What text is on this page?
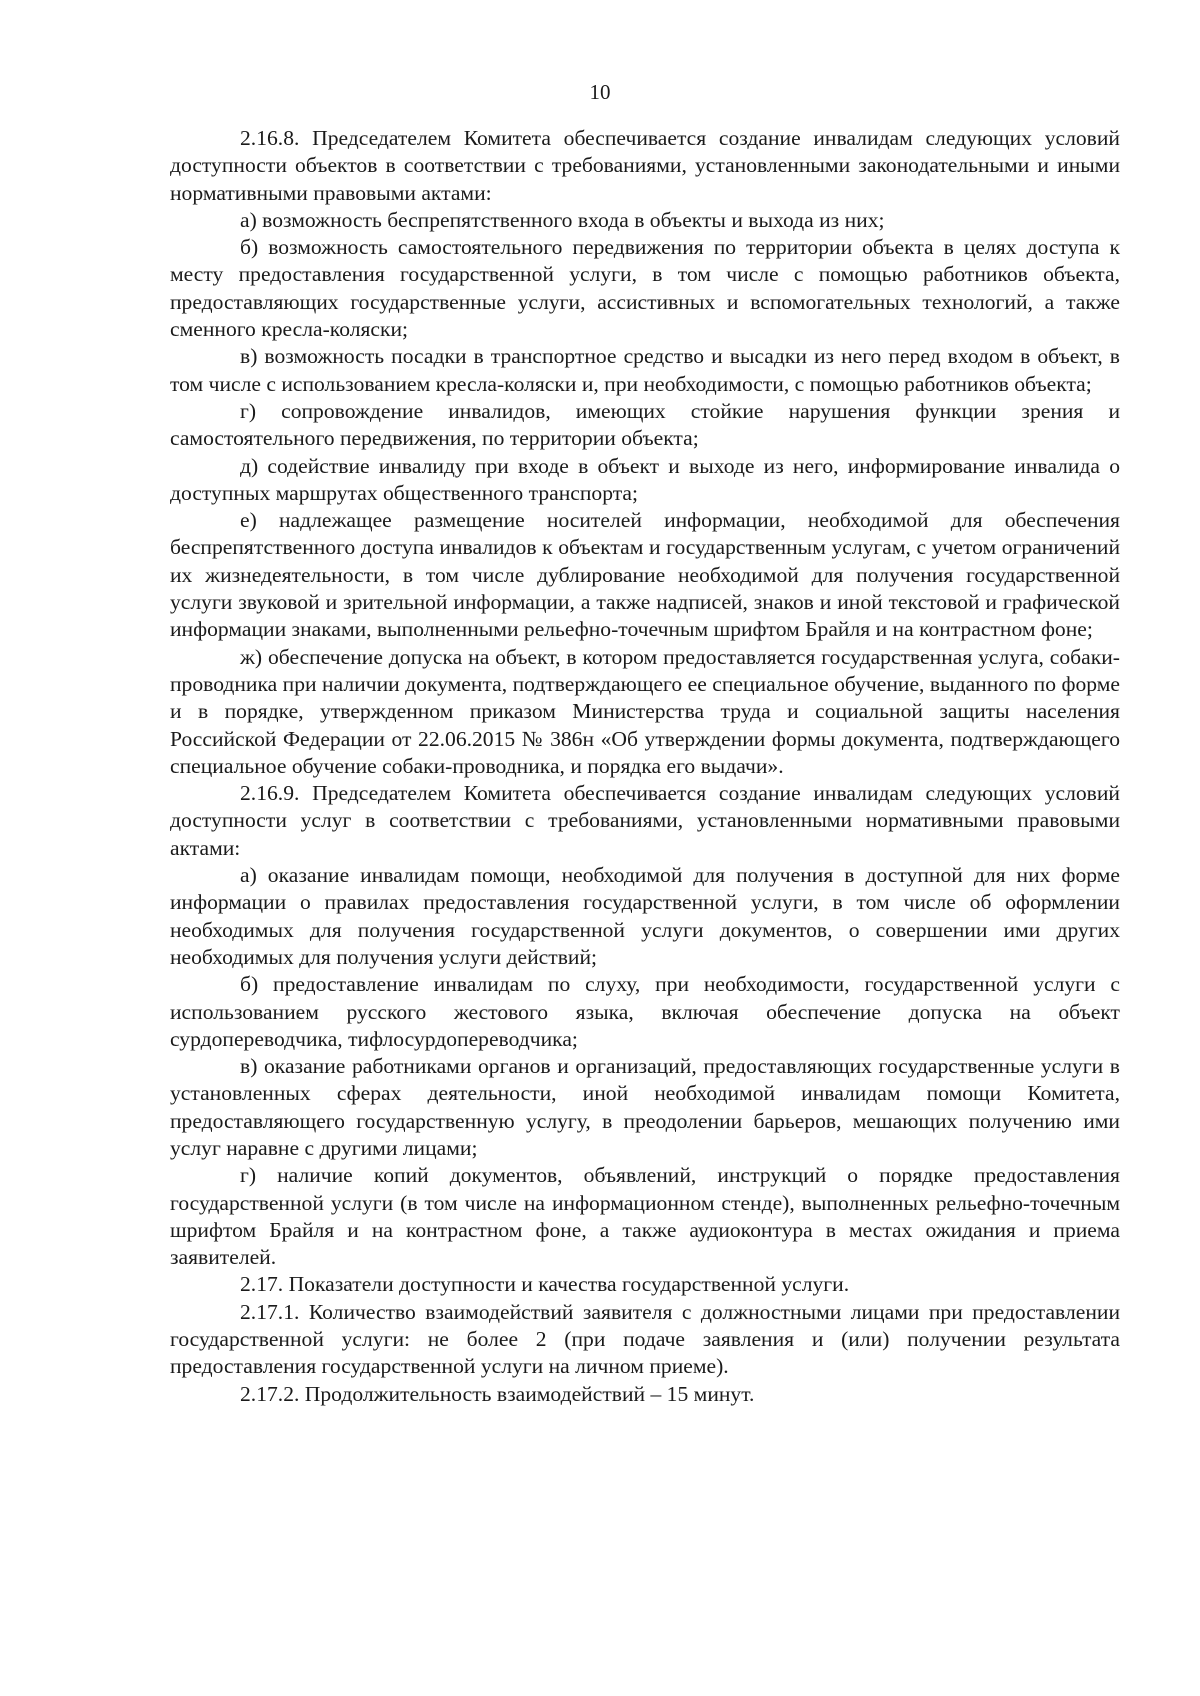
10

2.16.8. Председателем Комитета обеспечивается создание инвалидам следующих условий доступности объектов в соответствии с требованиями, установленными законодательными и иными нормативными правовыми актами:

а) возможность беспрепятственного входа в объекты и выхода из них;

б) возможность самостоятельного передвижения по территории объекта в целях доступа к месту предоставления государственной услуги, в том числе с помощью работников объекта, предоставляющих государственные услуги, ассистивных и вспомогательных технологий, а также сменного кресла-коляски;

в) возможность посадки в транспортное средство и высадки из него перед входом в объект, в том числе с использованием кресла-коляски и, при необходимости, с помощью работников объекта;

г) сопровождение инвалидов, имеющих стойкие нарушения функции зрения и самостоятельного передвижения, по территории объекта;

д) содействие инвалиду при входе в объект и выходе из него, информирование инвалида о доступных маршрутах общественного транспорта;

е) надлежащее размещение носителей информации, необходимой для обеспечения беспрепятственного доступа инвалидов к объектам и государственным услугам, с учетом ограничений их жизнедеятельности, в том числе дублирование необходимой для получения государственной услуги звуковой и зрительной информации, а также надписей, знаков и иной текстовой и графической информации знаками, выполненными рельефно-точечным шрифтом Брайля и на контрастном фоне;

ж) обеспечение допуска на объект, в котором предоставляется государственная услуга, собаки-проводника при наличии документа, подтверждающего ее специальное обучение, выданного по форме и в порядке, утвержденном приказом Министерства труда и социальной защиты населения Российской Федерации от 22.06.2015 № 386н «Об утверждении формы документа, подтверждающего специальное обучение собаки-проводника, и порядка его выдачи».

2.16.9. Председателем Комитета обеспечивается создание инвалидам следующих условий доступности услуг в соответствии с требованиями, установленными нормативными правовыми актами:

а) оказание инвалидам помощи, необходимой для получения в доступной для них форме информации о правилах предоставления государственной услуги, в том числе об оформлении необходимых для получения государственной услуги документов, о совершении ими других необходимых для получения услуги действий;

б) предоставление инвалидам по слуху, при необходимости, государственной услуги с использованием русского жестового языка, включая обеспечение допуска на объект сурдопереводчика, тифлосурдопереводчика;

в) оказание работниками органов и организаций, предоставляющих государственные услуги в установленных сферах деятельности, иной необходимой инвалидам помощи Комитета, предоставляющего государственную услугу, в преодолении барьеров, мешающих получению ими услуг наравне с другими лицами;

г) наличие копий документов, объявлений, инструкций о порядке предоставления государственной услуги (в том числе на информационном стенде), выполненных рельефно-точечным шрифтом Брайля и на контрастном фоне, а также аудиоконтура в местах ожидания и приема заявителей.

2.17. Показатели доступности и качества государственной услуги.

2.17.1. Количество взаимодействий заявителя с должностными лицами при предоставлении государственной услуги: не более 2 (при подаче заявления и (или) получении результата предоставления государственной услуги на личном приеме).

2.17.2. Продолжительность взаимодействий – 15 минут.
